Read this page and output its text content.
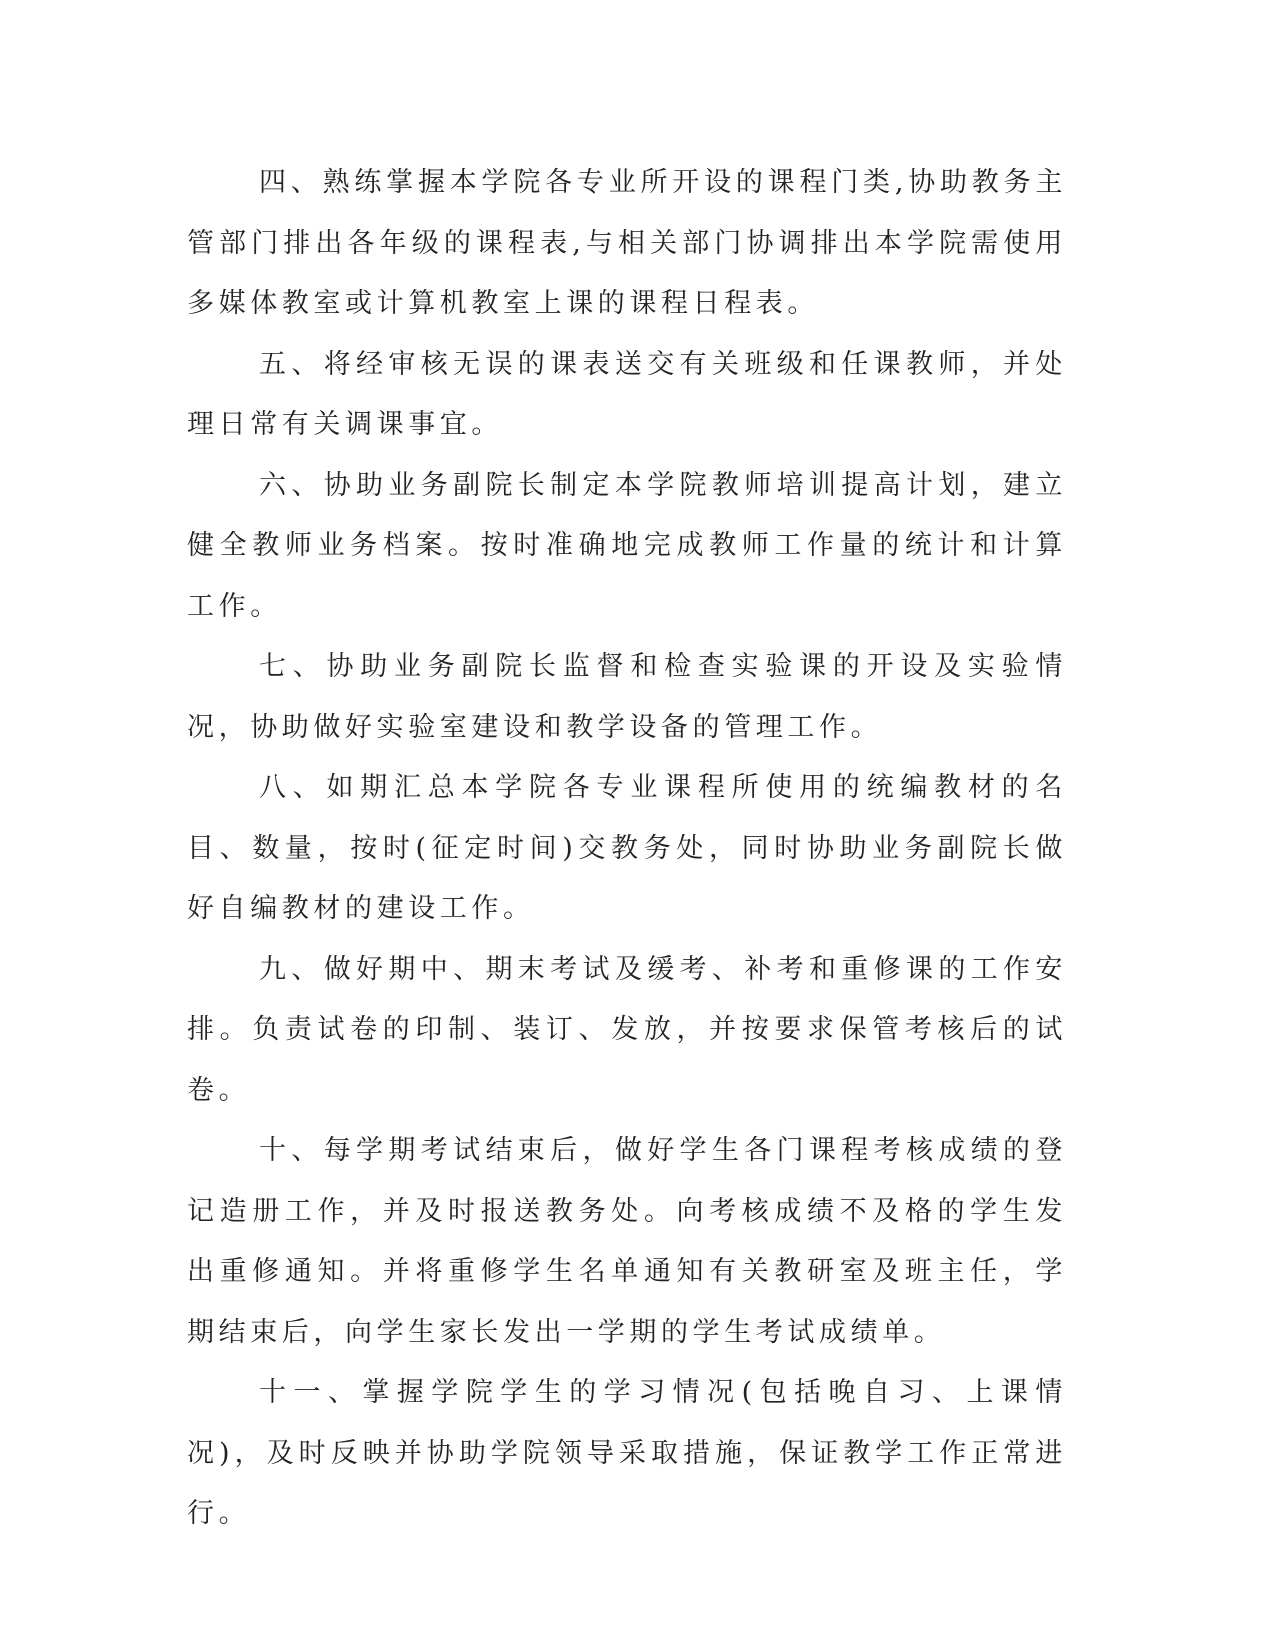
四、熟练掌握本学院各专业所开设的课程门类,协助教务主管部门排出各年级的课程表,与相关部门协调排出本学院需使用多媒体教室或计算机教室上课的课程日程表。

五、将经审核无误的课表送交有关班级和任课教师，并处理日常有关调课事宜。

六、协助业务副院长制定本学院教师培训提高计划，建立健全教师业务档案。按时准确地完成教师工作量的统计和计算工作。

七、协助业务副院长监督和检查实验课的开设及实验情况，协助做好实验室建设和教学设备的管理工作。

八、如期汇总本学院各专业课程所使用的统编教材的名目、数量，按时(征定时间)交教务处，同时协助业务副院长做好自编教材的建设工作。

九、做好期中、期末考试及缓考、补考和重修课的工作安排。负责试卷的印制、装订、发放，并按要求保管考核后的试卷。

十、每学期考试结束后，做好学生各门课程考核成绩的登记造册工作，并及时报送教务处。向考核成绩不及格的学生发出重修通知。并将重修学生名单通知有关教研室及班主任，学期结束后，向学生家长发出一学期的学生考试成绩单。

十一、掌握学院学生的学习情况(包括晚自习、上课情况)，及时反映并协助学院领导采取措施，保证教学工作正常进行。
